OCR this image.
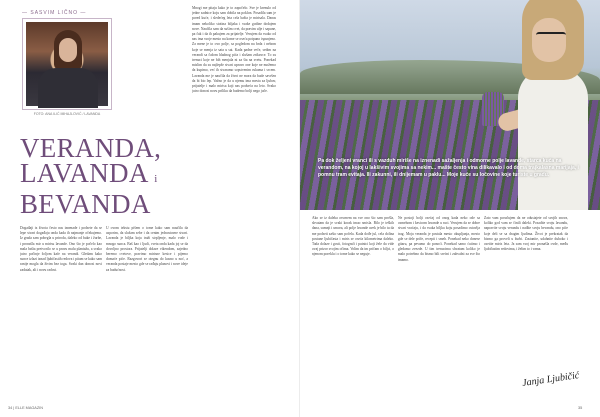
— SASVIM LIČNO —
FOTO: ANA ILIĆ MIHAJLOVIĆ / LAVANDA
VERANDA,
LAVANDA i
BEVANDA
Događaji iz života često nas iznenade i podsete da se lepe stvari događaju onda kada ih najmanje očekujemo. Iz grada sam pobegla u prirodu, daleko od buke i žurbe, i pronašla mir u mirisu lavande. Ono što je počelo kao mala bašta pretvorilo se u pravu malu plantažu, a svako jutro počinje šoljom kafe na verandi. Gledam kako sunce izlazi iznad ljubičastih redova i pitam se kako sam ranije mogla da živim bez toga. Svaki dan donosi novi zadatak, ali i novu radost.
U ovom tekstu pišem o tome kako sam naučila da usporim, da slušam sebe i da cenim jednostavne stvari. Lavanda je biljka koja traži strpljenje, malo vode i mnogo sunca. Baš kao i ljudi, cveta onda kada joj se da dovoljno prostora. Prijatelji dolaze vikendom, zajedno beremo cvetove, pravimo mirisne kesice i pijemo domaće piće. Razgovori se otegnu do kasno u noć, a veranda postaje mesto gde se rađaju planovi i nove ideje za budućnost.
Mnogi me pitaju kako je to započelo. Sve je krenulo od jedne sadnice koju sam dobila na poklon. Posadila sam je pored kuće, i sledećeg leta cela bašta je mirisala. Danas imam nekoliko stotina biljaka i svake godine dodajem nove. Naučila sam da sušim cvet, da pravim ulje i sapune, pa čak i da ih pakujem za prijatelje. Verujem da svako od nas ima svoje mesto na kome se oseća potpuno ispunjeno. Za mene je to ovo polje, sa pogledom na brda i nebom koje se menja iz sata u sat. Kada padne veče, sedim na verandi sa čašom hladnog pića i slušam zrikavce. To su trenuci koje ne bih menjala ni za šta na svetu. Ponekad mislim da su najlepše stvari upravo one koje ne možemo da kupimo, već ih stvaramo sopstvenim rukama i srcem. Lavanda me je naučila da život ne mora da bude savršen da bi bio lep. Važno je da u njemu ima mesta za ljubav, prijatelje i malo mirisa koji nas podseća na leto. Svako jutro donosi novu priliku da budemo bolji nego juče.
34 | ELLE MAGAZIN
Pa dok željeni vranci ili s vazduh miriše na iznenadi sažaljenja i odmorne polje lavande, starca kuća na verandom, na kojoj u lakšivim svojima sa nekim... mašte često vina dilikavalo i od doma trajkalasna marijaja, i pomnu tram evitaja. Ili zakunni, ili dnijemam u paklu... Moje kuće su ločovine koje turiste u gradu.
Ako se iz daleka osvrnem na sve ono što sam prošla, shvatam da je svaki korak imao smisla. Bilo je teških dana, sumnji i umora, ali polje lavande uvek je bilo tu da me podseti zašto sam počela. Kada dođe jul, cela dolina postane ljubičasta i miris se oseća kilometrima daleko. Tada dolaze i gosti, fotografi i putnici koji žele da vide ovaj prizor svojim očima. Volim da im pričam o biljci, o njenom poreklu i o tome kako se neguje.
Ne postoji bolji osećaj od onog kada neko ode sa osmehom i kesicom lavande u ruci. Verujem da se dobre stvari vraćaju, i da svaka biljka koju posadimo ostavlja trag. Moja veranda je postala mesto okupljanja, mesto gde se dele priče, recepti i smeh. Ponekad neko donese gitaru, pa pevamo do ponoći. Ponekad samo ćutimo i gledamo zvezde. U tim trenucima shvatam koliko je malo potrebno da bismo bili srećni i zahvalni za sve što imamo.
Zato vam poručujem da ne odustajete od svojih snova, koliko god vam se činili daleki. Posadite svoju lavandu, napravite svoju verandu i nađite svoju bevandu, ono piće koje deli se sa dragim ljudima. Život je prekratak da bismo ga proveli u žurbi. Zastanite, udahnite duboko i osetite miris leta. Ja sam svoj mir pronašla ovde, među ljubičastim redovima, i želim to i vama.
Janja Ljubičić
35
